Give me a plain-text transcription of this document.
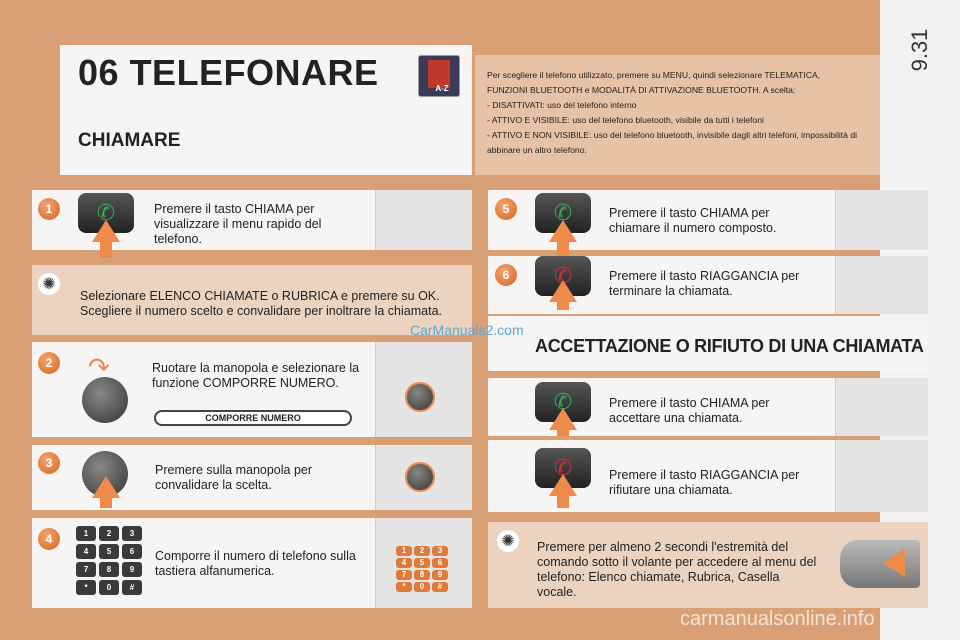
9.31
06 TELEFONARE
CHIAMARE
A-Z
Per scegliere il telefono utilizzato, premere su MENU, quindi selezionare TELEMATICA,
FUNZIONI BLUETOOTH e MODALITÀ DI ATTIVAZIONE BLUETOOTH. A scelta:
- DISATTIVATI: uso del telefono interno
- ATTIVO E VISIBILE: uso del telefono bluetooth, visibile da tutti i telefoni
- ATTIVO E NON VISIBILE: uso del telefono bluetooth, invisibile dagli altri telefoni, impossibilità di
abbinare un altro telefono.
1	✆	Premere il tasto CHIAMA per visualizzare il menu rapido del telefono.
✺
Selezionare ELENCO CHIAMATE o RUBRICA e premere su OK. Scegliere il numero scelto e convalidare per inoltrare la chiamata.
2 ↷	Ruotare la manopola e selezionare la funzione COMPORRE NUMERO.
COMPORRE NUMERO
3	Premere sulla manopola per convalidare la scelta.
4	1	2	3
4	5	6
7	8	9
*	0	#
Comporre il numero di telefono sulla tastiera alfanumerica.
1	2	3
4	5	6
7	8	9
*	0	#
5	✆	Premere il tasto CHIAMA per chiamare il numero composto.
6	✆	Premere il tasto RIAGGANCIA per terminare la chiamata.
CarManuals2.com
ACCETTAZIONE O RIFIUTO DI UNA CHIAMATA
✆	Premere il tasto CHIAMA per accettare una chiamata.
✆	Premere il tasto RIAGGANCIA per rifiutare una chiamata.
✺	Premere per almeno 2 secondi l'estremità del comando sotto il volante per accedere al menu del telefono: Elenco chiamate, Rubrica, Casella vocale.
carmanualsonline.info
